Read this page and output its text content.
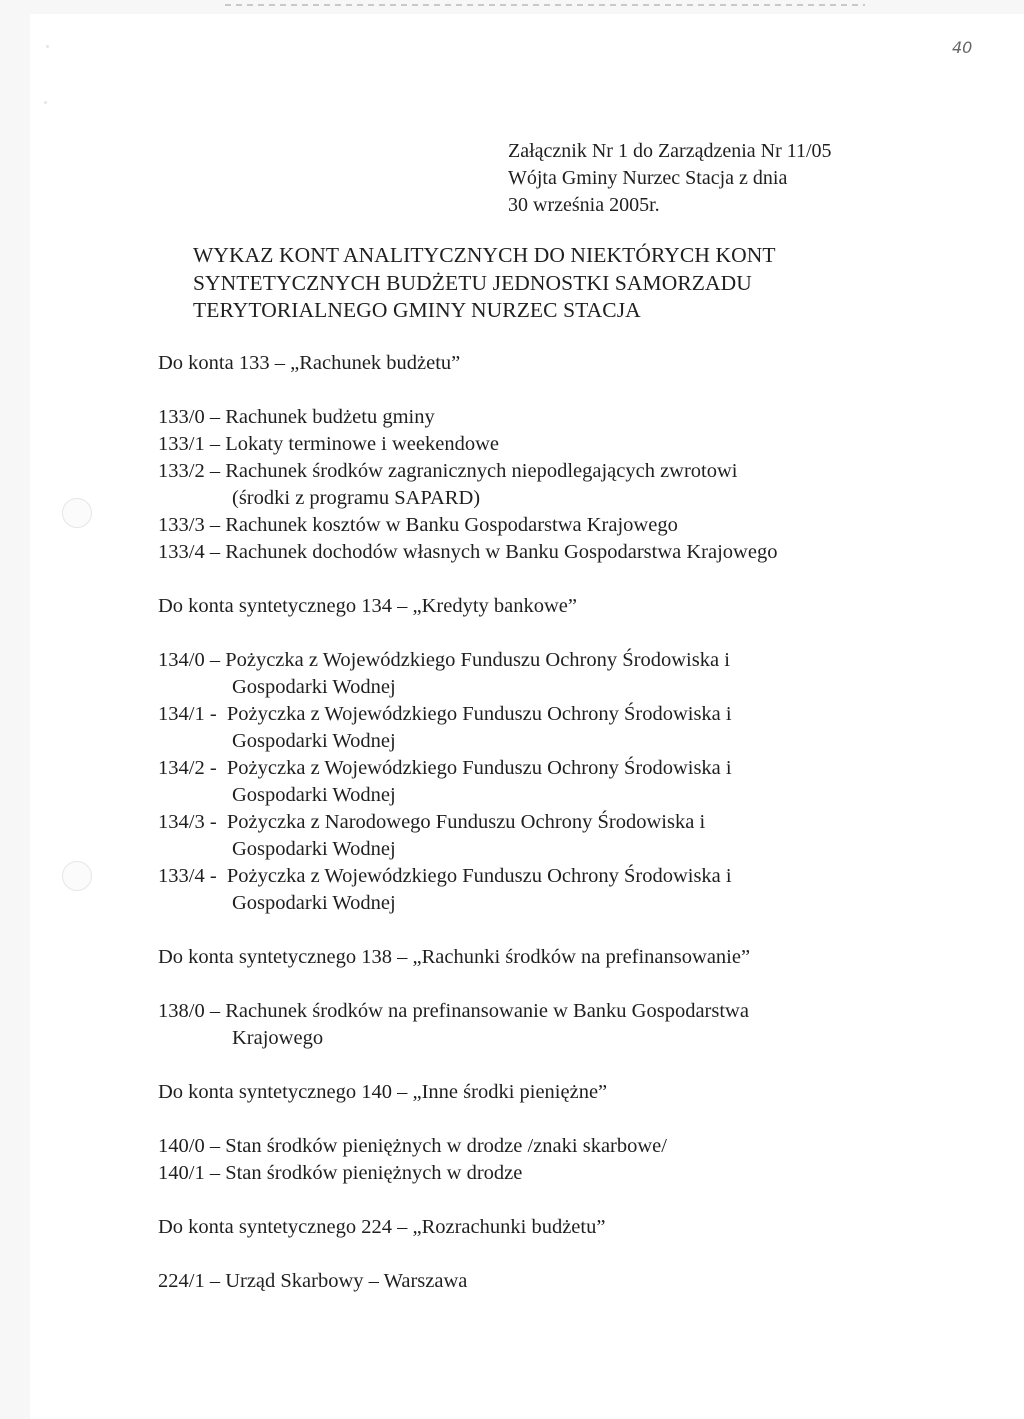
40
Załącznik Nr 1 do Zarządzenia Nr 11/05
Wójta Gminy Nurzec Stacja z dnia
30 września 2005r.
WYKAZ KONT ANALITYCZNYCH DO NIEKTÓRYCH KONT
SYNTETYCZNYCH BUDŻETU JEDNOSTKI SAMORZADU
TERYTORIALNEGO GMINY NURZEC STACJA

Do konta 133 – „Rachunek budżetu”

133/0 – Rachunek budżetu gminy
133/1 – Lokaty terminowe i weekendowe
133/2 – Rachunek środków zagranicznych niepodlegających zwrotowi
(środki z programu SAPARD)
133/3 – Rachunek kosztów w Banku Gospodarstwa Krajowego
133/4 – Rachunek dochodów własnych w Banku Gospodarstwa Krajowego

Do konta syntetycznego 134 – „Kredyty bankowe”

134/0 – Pożyczka z Wojewódzkiego Funduszu Ochrony Środowiska i
Gospodarki Wodnej
134/1 - Pożyczka z Wojewódzkiego Funduszu Ochrony Środowiska i
Gospodarki Wodnej
134/2 - Pożyczka z Wojewódzkiego Funduszu Ochrony Środowiska i
Gospodarki Wodnej
134/3 - Pożyczka z Narodowego Funduszu Ochrony Środowiska i
Gospodarki Wodnej
133/4 - Pożyczka z Wojewódzkiego Funduszu Ochrony Środowiska i
Gospodarki Wodnej

Do konta syntetycznego 138 – „Rachunki środków na prefinansowanie”

138/0 – Rachunek środków na prefinansowanie w Banku Gospodarstwa
Krajowego

Do konta syntetycznego 140 – „Inne środki pieniężne”

140/0 – Stan środków pieniężnych w drodze /znaki skarbowe/
140/1 – Stan środków pieniężnych w drodze

Do konta syntetycznego 224 – „Rozrachunki budżetu”

224/1 – Urząd Skarbowy – Warszawa
